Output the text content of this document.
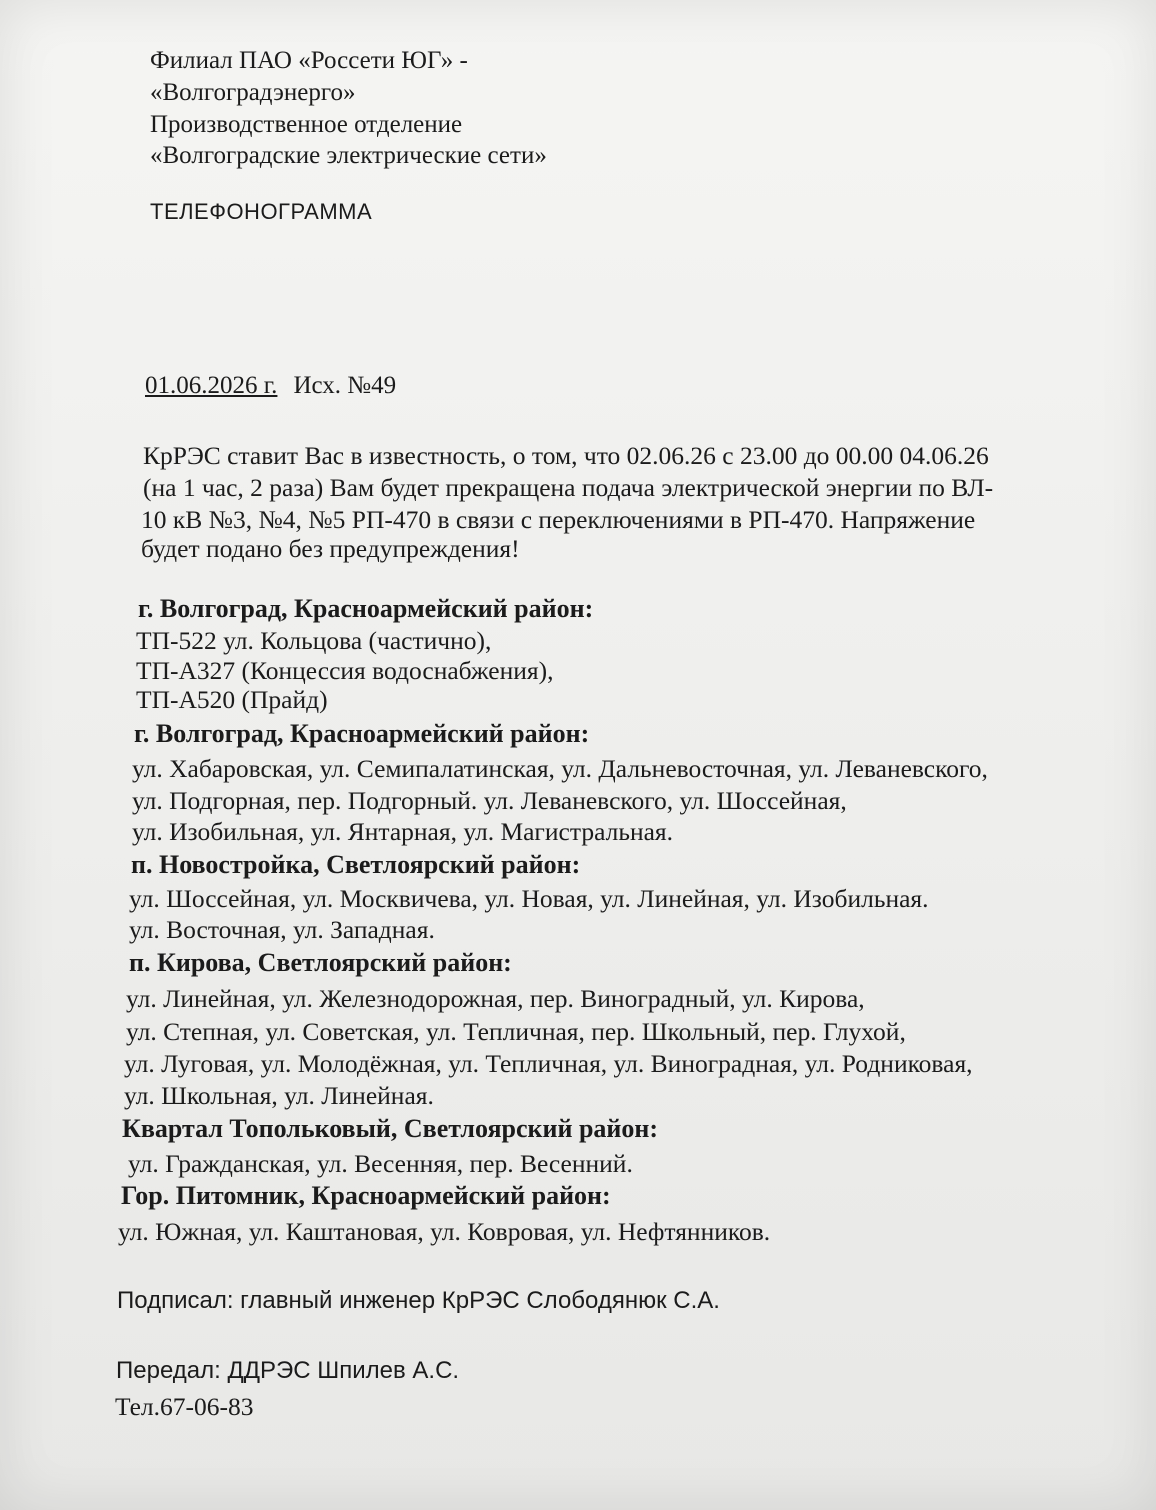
Филиал ПАО «Россети ЮГ» -
«Волгоградэнерго»
Производственное отделение
«Волгоградские электрические сети»
ТЕЛЕФОНОГРАММА
01.06.2026 г. Исх. №49
КрРЭС ставит Вас в известность, о том, что 02.06.26 с 23.00 до 00.00 04.06.26
(на 1 час, 2 раза) Вам будет прекращена подача электрической энергии по ВЛ-
10 кВ №3, №4, №5 РП-470 в связи с переключениями в РП-470. Напряжение
будет подано без предупреждения!
г. Волгоград, Красноармейский район:
ТП-522 ул. Кольцова (частично),
ТП-А327 (Концессия водоснабжения),
ТП-А520 (Прайд)
г. Волгоград, Красноармейский район:
ул. Хабаровская, ул. Семипалатинская, ул. Дальневосточная, ул. Леваневского,
ул. Подгорная, пер. Подгорный. ул. Леваневского, ул. Шоссейная,
ул. Изобильная, ул. Янтарная, ул. Магистральная.
п. Новостройка, Светлоярский район:
ул. Шоссейная, ул. Москвичева, ул. Новая, ул. Линейная, ул. Изобильная.
ул. Восточная, ул. Западная.
п. Кирова, Светлоярский район:
ул. Линейная, ул. Железнодорожная, пер. Виноградный, ул. Кирова,
ул. Степная, ул. Советская, ул. Тепличная, пер. Школьный, пер. Глухой,
ул. Луговая, ул. Молодёжная, ул. Тепличная, ул. Виноградная, ул. Родниковая,
ул. Школьная, ул. Линейная.
Квартал Топольковый, Светлоярский район:
ул. Гражданская, ул. Весенняя, пер. Весенний.
Гор. Питомник, Красноармейский район:
ул. Южная, ул. Каштановая, ул. Ковровая, ул. Нефтянников.
Подписал: главный инженер КрРЭС Слободянюк С.А.
Передал: ДДРЭС Шпилев А.С.
Тел.67-06-83
